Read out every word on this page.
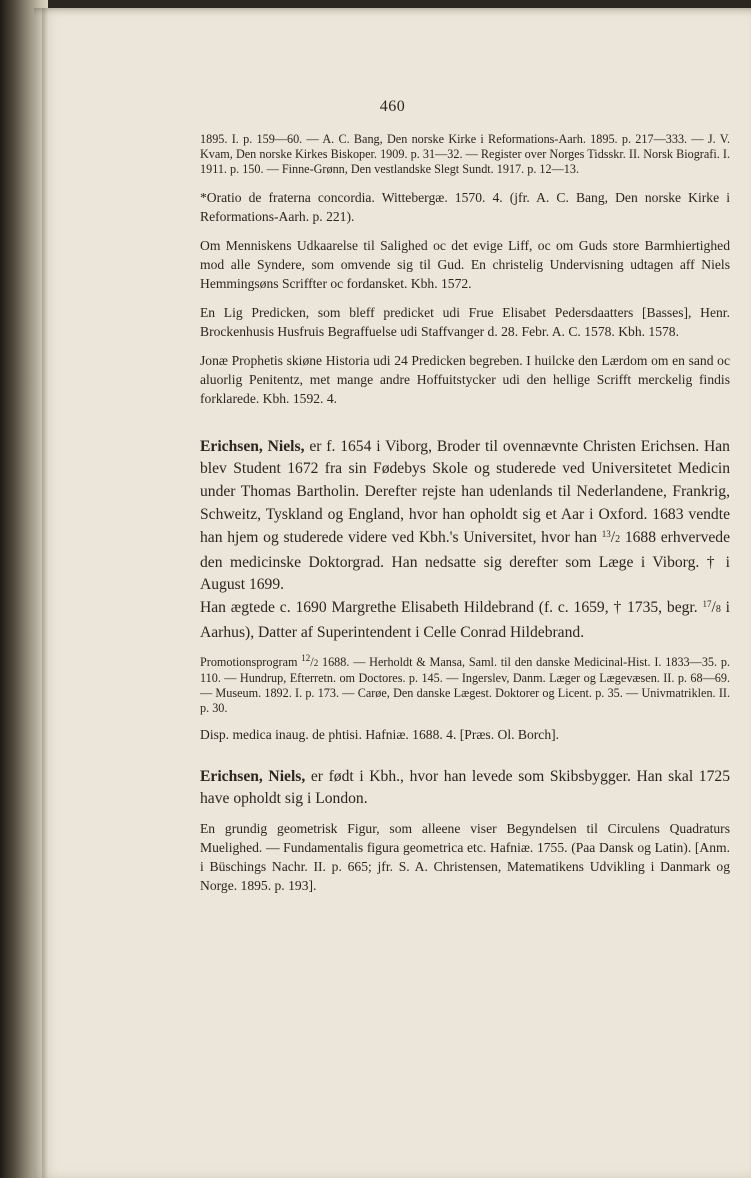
460

1895. I. p. 159—60. — A. C. Bang, Den norske Kirke i Reformations-Aarh. 1895. p. 217—333. — J. V. Kvam, Den norske Kirkes Biskoper. 1909. p. 31—32. — Register over Norges Tidsskr. II. Norsk Biografi. I. 1911. p. 150. — Finne-Grønn, Den vestlandske Slegt Sundt. 1917. p. 12—13.

*Oratio de fraterna concordia. Wittebergæ. 1570. 4. (jfr. A. C. Bang, Den norske Kirke i Reformations-Aarh. p. 221).

Om Menniskens Udkaarelse til Salighed oc det evige Liff, oc om Guds store Barmhiertighed mod alle Syndere, som omvende sig til Gud. En christelig Undervisning udtagen aff Niels Hemmingsøns Scriffter oc fordansket. Kbh. 1572.

En Lig Predicken, som bleff predicket udi Frue Elisabet Pedersdaatters [Basses], Henr. Brockenhusis Husfruis Begraffuelse udi Staffvanger d. 28. Febr. A. C. 1578. Kbh. 1578.

Jonæ Prophetis skiøne Historia udi 24 Predicken begreben. I huilcke den Lærdom om en sand oc aluorlig Penitentz, met mange andre Hoffuitstycker udi den hellige Scrifft merckelig findis forklarede. Kbh. 1592. 4.

Erichsen, Niels, er f. 1654 i Viborg, Broder til ovennævnte Christen Erichsen. Han blev Student 1672 fra sin Fødebys Skole og studerede ved Universitetet Medicin under Thomas Bartholin. Derefter rejste han udenlands til Nederlandene, Frankrig, Schweitz, Tyskland og England, hvor han opholdt sig et Aar i Oxford. 1683 vendte han hjem og studerede videre ved Kbh.'s Universitet, hvor han $^{13}$/2 1688 erhvervede den medicinske Doktorgrad. Han nedsatte sig derefter som Læge i Viborg. † i August 1699.

Han ægtede c. 1690 Margrethe Elisabeth Hildebrand (f. c. 1659, † 1735, begr. $^{17}$/8 i Aarhus), Datter af Superintendent i Celle Conrad Hildebrand.

Promotionsprogram $^{12}$/2 1688. — Herholdt & Mansa, Saml. til den danske Medicinal-Hist. I. 1833—35. p. 110. — Hundrup, Efterretn. om Doctores. p. 145. — Ingerslev, Danm. Læger og Lægevæsen. II. p. 68—69. — Museum. 1892. I. p. 173. — Carøe, Den danske Lægest. Doktorer og Licent. p. 35. — Univmatriklen. II. p. 30.

Disp. medica inaug. de phtisi. Hafniæ. 1688. 4. [Præs. Ol. Borch].

Erichsen, Niels, er født i Kbh., hvor han levede som Skibsbygger. Han skal 1725 have opholdt sig i London.

En grundig geometrisk Figur, som alleene viser Begyndelsen til Circulens Quadraturs Muelighed. — Fundamentalis figura geometrica etc. Hafniæ. 1755. (Paa Dansk og Latin). [Anm. i Büschings Nachr. II. p. 665; jfr. S. A. Christensen, Matematikens Udvikling i Danmark og Norge. 1895. p. 193].
